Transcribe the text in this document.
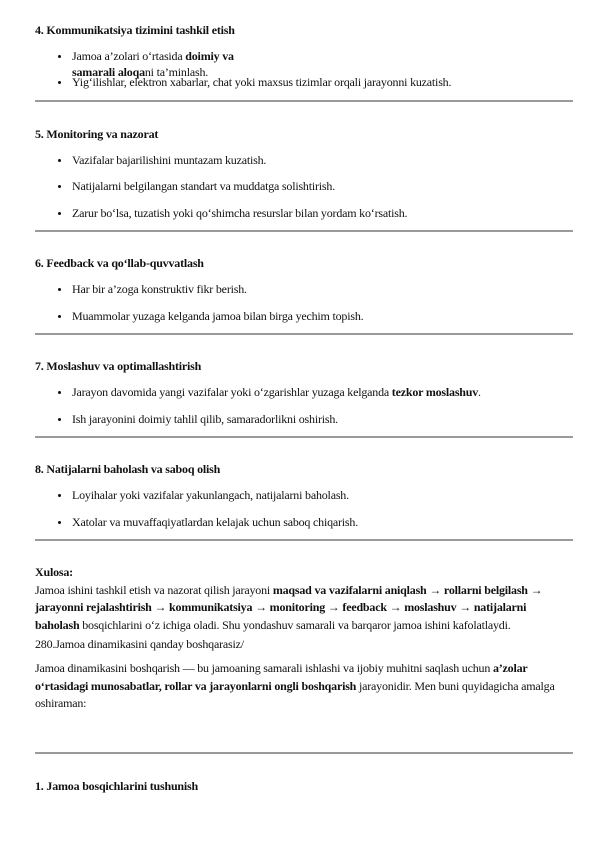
4. Kommunikatsiya tizimini tashkil etish
Jamoa a’zolari o‘rtasida doimiy va samarali aloqani ta’minlash.
Yig‘ilishlar, elektron xabarlar, chat yoki maxsus tizimlar orqali jarayonni kuzatish.
5. Monitoring va nazorat
Vazifalar bajarilishini muntazam kuzatish.
Natijalarni belgilangan standart va muddatga solishtirish.
Zarur bo‘lsa, tuzatish yoki qo‘shimcha resurslar bilan yordam ko‘rsatish.
6. Feedback va qo‘llab-quvvatlash
Har bir a’zoga konstruktiv fikr berish.
Muammolar yuzaga kelganda jamoa bilan birga yechim topish.
7. Moslashuv va optimallashtirish
Jarayon davomida yangi vazifalar yoki o‘zgarishlar yuzaga kelganda tezkor moslashuv.
Ish jarayonini doimiy tahlil qilib, samaradorlikni oshirish.
8. Natijalarni baholash va saboq olish
Loyihalar yoki vazifalar yakunlangach, natijalarni baholash.
Xatolar va muvaffaqiyatlardan kelajak uchun saboq chiqarish.

Xulosa:

Jamoa ishini tashkil etish va nazorat qilish jarayoni maqsad va vazifalarni aniqlash → rollarni belgilash → jarayonni rejalashtirish → kommunikatsiya → monitoring → feedback → moslashuv → natijalarni baholash bosqichlarini o‘z ichiga oladi. Shu yondashuv samarali va barqaror jamoa ishini kafolatlaydi.

280.Jamoa dinamikasini qanday boshqarasiz/

Jamoa dinamikasini boshqarish — bu jamoaning samarali ishlashi va ijobiy muhitni saqlash uchun a’zolar o‘rtasidagi munosabatlar, rollar va jarayonlarni ongli boshqarish jarayonidir. Men buni quyidagicha amalga oshiraman:

1. Jamoa bosqichlarini tushunish
